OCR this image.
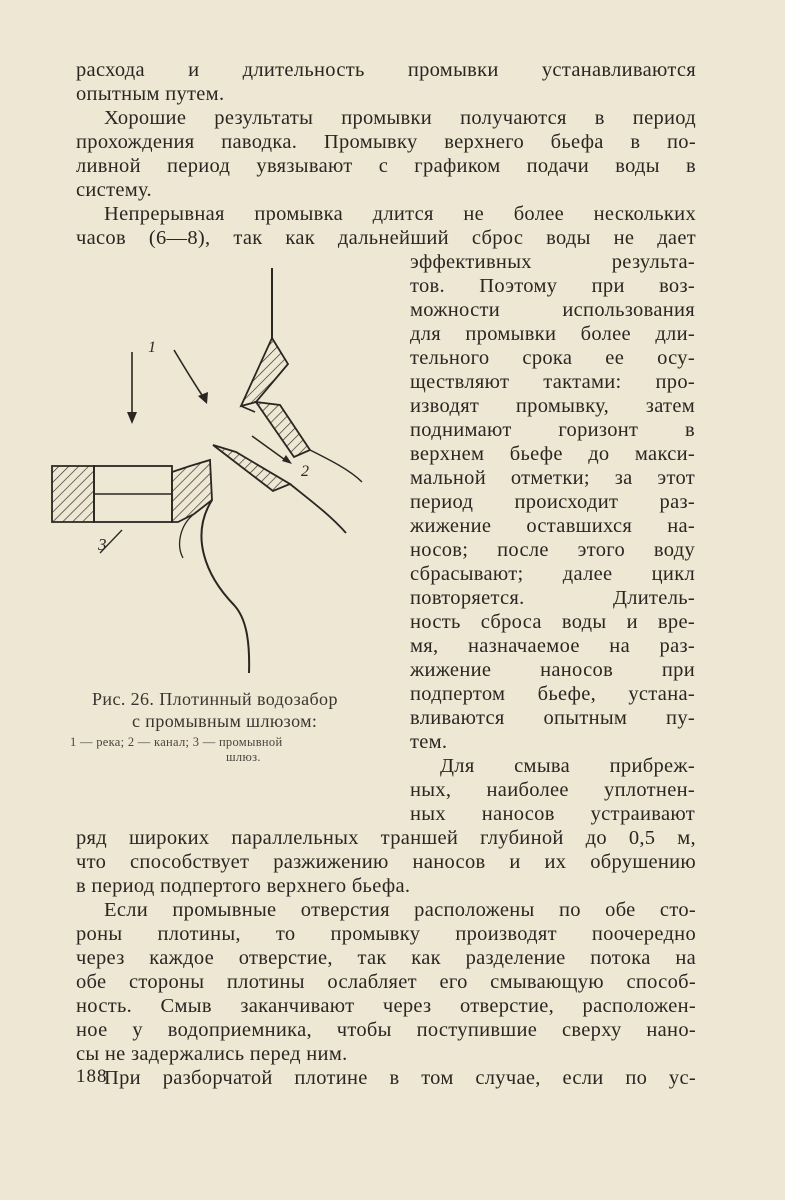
расхода и длительность промывки устанавливаются
опытным путем.
Хорошие результаты промывки получаются в период
прохождения паводка. Промывку верхнего бьефа в по-
ливной период увязывают с графиком подачи воды в
систему.
Непрерывная промывка длится не более нескольких
часов (6—8), так как дальнейший сброс воды не дает
эффективных результа-
тов. Поэтому при воз-
можности использования
для промывки более дли-
тельного срока ее осу-
ществляют тактами: про-
изводят промывку, затем
поднимают горизонт в
верхнем бьефе до макси-
мальной отметки; за этот
период происходит раз-
жижение оставшихся на-
носов; после этого воду
сбрасывают; далее цикл
повторяется. Длитель-
ность сброса воды и вре-
мя, назначаемое на раз-
жижение наносов при
подпертом бьефе, устана-
вливаются опытным пу-
тем.
Для смыва прибреж-
ных, наиболее уплотнен-
ных наносов устраивают
ряд широких параллельных траншей глубиной до 0,5 м,
что способствует разжижению наносов и их обрушению
в период подпертого верхнего бьефа.
Если промывные отверстия расположены по обе сто-
роны плотины, то промывку производят поочередно
через каждое отверстие, так как разделение потока на
обе стороны плотины ослабляет его смывающую способ-
ность. Смыв заканчивают через отверстие, расположен-
ное у водоприемника, чтобы поступившие сверху нано-
сы не задержались перед ним.
При разборчатой плотине в том случае, если по ус-
1
2
3
Рис. 26. Плотинный водозабор
с промывным шлюзом:
1 — река; 2 — канал; 3 — промывной
шлюз.
188
